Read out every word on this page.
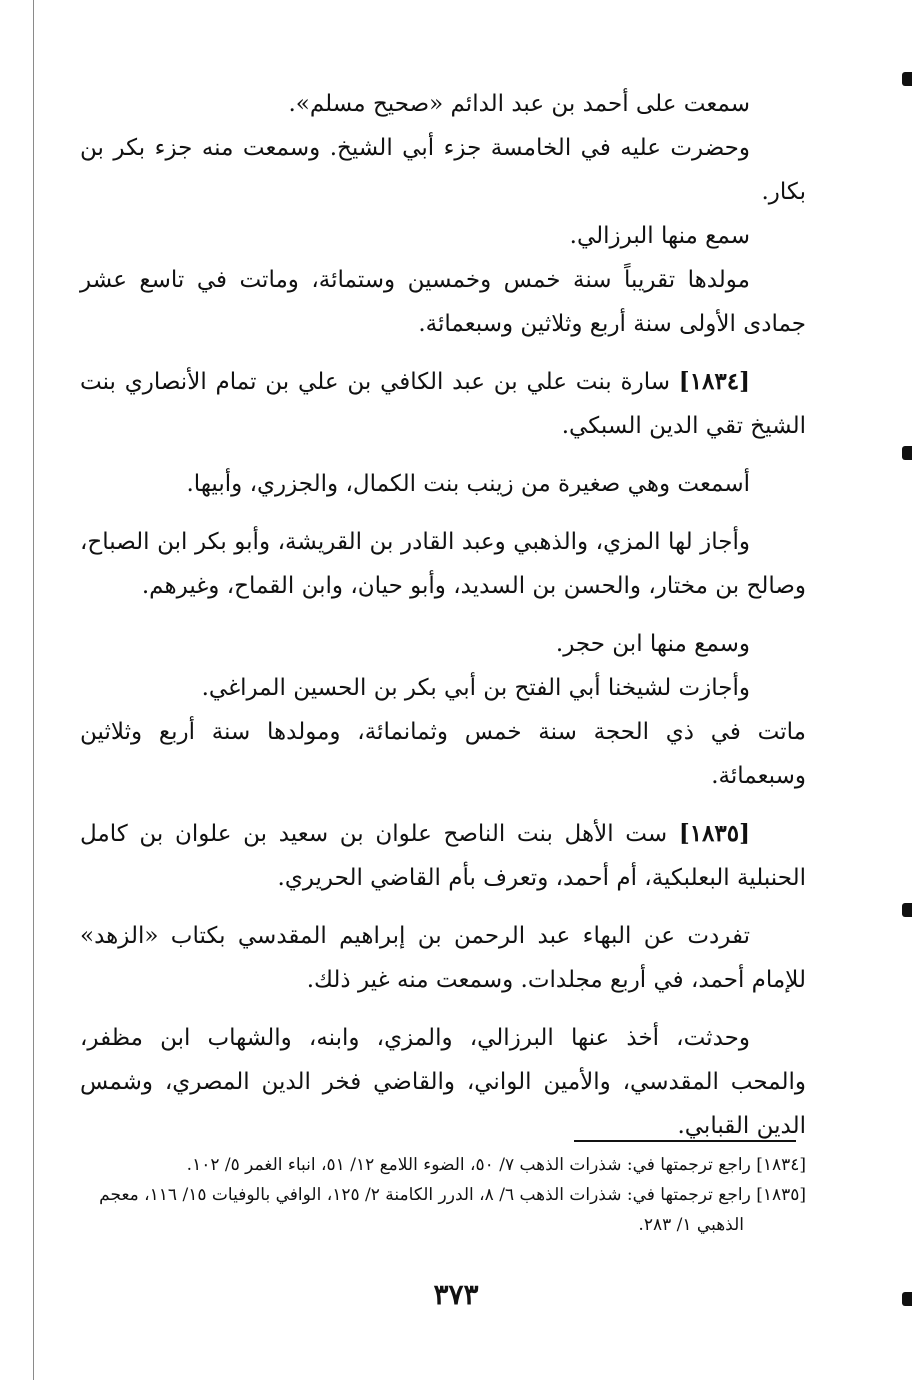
سمعت على أحمد بن عبد الدائم «صحيح مسلم».

وحضرت عليه في الخامسة جزء أبي الشيخ. وسمعت منه جزء بكر بن بكار.

سمع منها البرزالي.

مولدها تقريباً سنة خمس وخمسين وستمائة، وماتت في تاسع عشر جمادى الأولى سنة أربع وثلاثين وسبعمائة.

[١٨٣٤] سارة بنت علي بن عبد الكافي بن علي بن تمام الأنصاري بنت الشيخ تقي الدين السبكي.

أسمعت وهي صغيرة من زينب بنت الكمال، والجزري، وأبيها.

وأجاز لها المزي، والذهبي وعبد القادر بن القريشة، وأبو بكر ابن الصباح، وصالح بن مختار، والحسن بن السديد، وأبو حيان، وابن القماح، وغيرهم.

وسمع منها ابن حجر.

وأجازت لشيخنا أبي الفتح بن أبي بكر بن الحسين المراغي.

ماتت في ذي الحجة سنة خمس وثمانمائة، ومولدها سنة أربع وثلاثين وسبعمائة.

[١٨٣٥] ست الأهل بنت الناصح علوان بن سعيد بن علوان بن كامل الحنبلية البعلبكية، أم أحمد، وتعرف بأم القاضي الحريري.

تفردت عن البهاء عبد الرحمن بن إبراهيم المقدسي بكتاب «الزهد» للإمام أحمد، في أربع مجلدات. وسمعت منه غير ذلك.

وحدثت، أخذ عنها البرزالي، والمزي، وابنه، والشهاب ابن مظفر، والمحب المقدسي، والأمين الواني، والقاضي فخر الدين المصري، وشمس الدين القبابي.

[١٨٣٤] راجع ترجمتها في: شذرات الذهب ٧/ ٥٠، الضوء اللامع ١٢/ ٥١، انباء الغمر ٥/ ١٠٢.

[١٨٣٥] راجع ترجمتها في: شذرات الذهب ٦/ ٨، الدرر الكامنة ٢/ ١٢٥، الوافي بالوفيات ١٥/ ١١٦، معجم

الذهبي ١/ ٢٨٣.

٣٧٣
